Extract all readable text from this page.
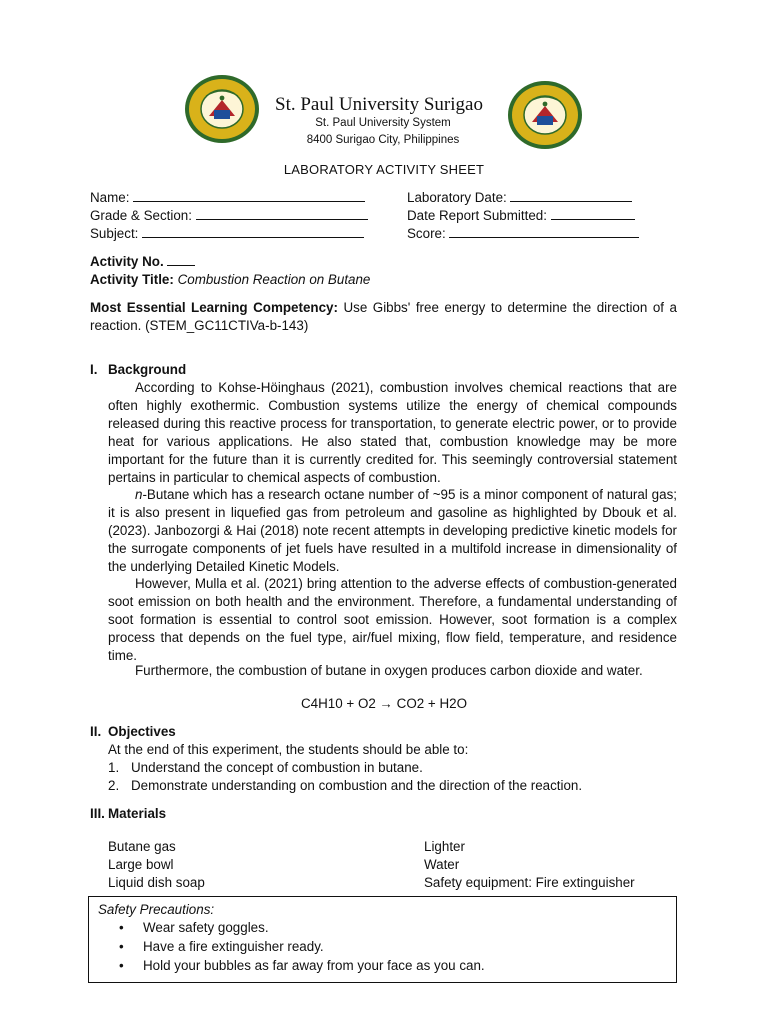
St. Paul University Surigao
St. Paul University System
8400 Surigao City, Philippines
LABORATORY ACTIVITY SHEET
Name:
Grade & Section:
Subject:
Laboratory Date:
Date Report Submitted:
Score:
Activity No.
Activity Title: Combustion Reaction on Butane
Most Essential Learning Competency: Use Gibbs' free energy to determine the direction of a reaction. (STEM_GC11CTIVa-b-143)
I. Background
According to Kohse-Höinghaus (2021), combustion involves chemical reactions that are often highly exothermic. Combustion systems utilize the energy of chemical compounds released during this reactive process for transportation, to generate electric power, or to provide heat for various applications. He also stated that, combustion knowledge may be more important for the future than it is currently credited for. This seemingly controversial statement pertains in particular to chemical aspects of combustion.
n-Butane which has a research octane number of ~95 is a minor component of natural gas; it is also present in liquefied gas from petroleum and gasoline as highlighted by Dbouk et al. (2023). Janbozorgi & Hai (2018) note recent attempts in developing predictive kinetic models for the surrogate components of jet fuels have resulted in a multifold increase in dimensionality of the underlying Detailed Kinetic Models.
However, Mulla et al. (2021) bring attention to the adverse effects of combustion-generated soot emission on both health and the environment. Therefore, a fundamental understanding of soot formation is essential to control soot emission. However, soot formation is a complex process that depends on the fuel type, air/fuel mixing, flow field, temperature, and residence time.
Furthermore, the combustion of butane in oxygen produces carbon dioxide and water.
C4H10 + O2 → CO2 + H2O
II. Objectives
At the end of this experiment, the students should be able to:
1. Understand the concept of combustion in butane.
2. Demonstrate understanding on combustion and the direction of the reaction.
III. Materials
Butane gas
Large bowl
Liquid dish soap
Lighter
Water
Safety equipment: Fire extinguisher
Safety Precautions:
• Wear safety goggles.
• Have a fire extinguisher ready.
• Hold your bubbles as far away from your face as you can.
